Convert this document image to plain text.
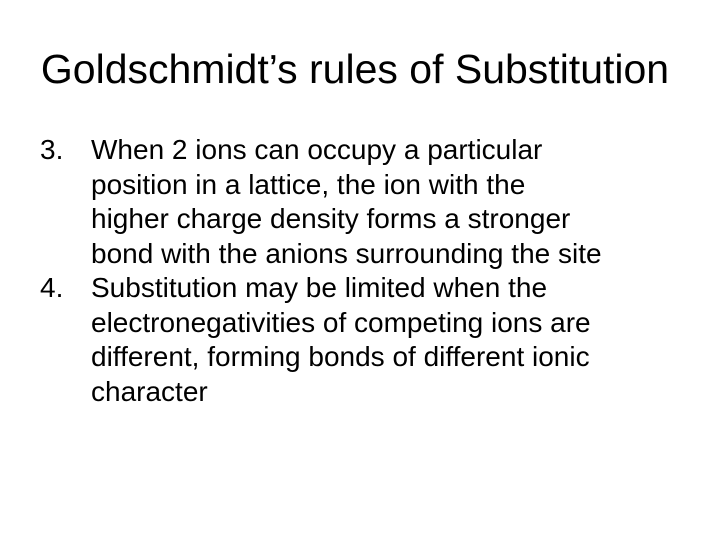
Goldschmidt’s rules of Substitution
3. When 2 ions can occupy a particular
position in a lattice, the ion with the
higher charge density forms a stronger
bond with the anions surrounding the site
4. Substitution may be limited when the
electronegativities of competing ions are
different, forming bonds of different ionic
character
